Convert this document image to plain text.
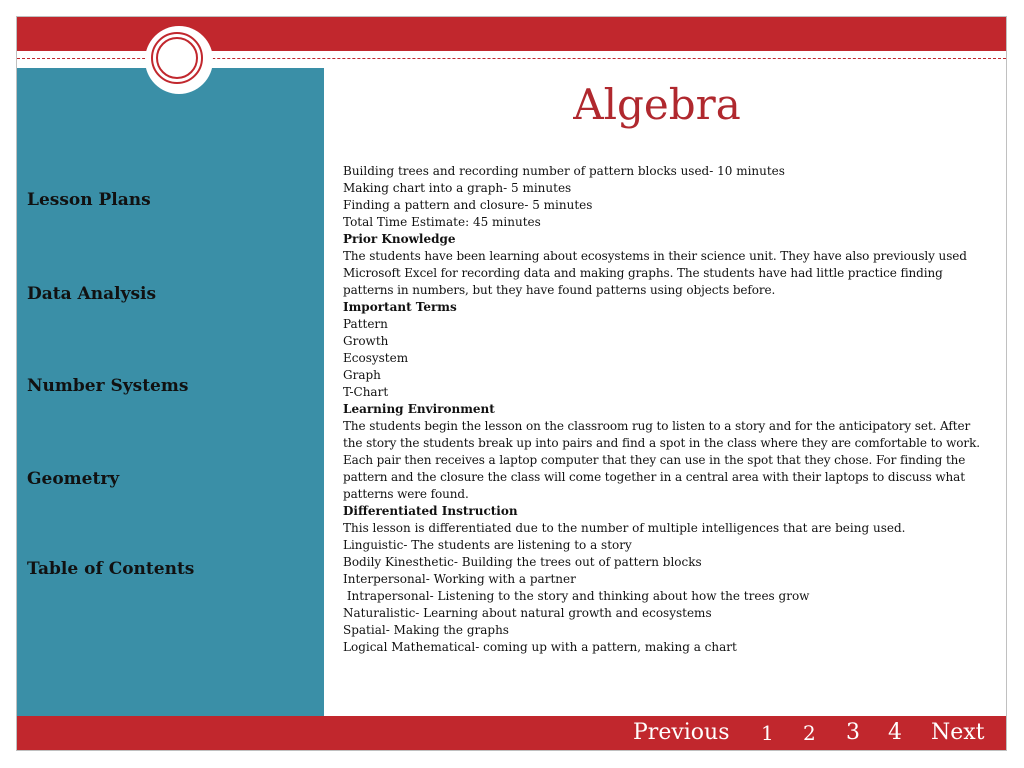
Lesson Plans
Data Analysis
Number Systems
Geometry
Table of Contents
Algebra
Building trees and recording number of pattern blocks used- 10 minutes
Making chart into a graph- 5 minutes
Finding a pattern and closure- 5 minutes
Total Time Estimate: 45 minutes
Prior Knowledge
The students have been learning about ecosystems in their science unit. They have also previously used Microsoft Excel for recording data and making graphs. The students have had little practice finding patterns in numbers, but they have found patterns using objects before.
Important Terms
Pattern
Growth
Ecosystem
Graph
T-Chart
Learning Environment
The students begin the lesson on the classroom rug to listen to a story and for the anticipatory set. After the story the students break up into pairs and find a spot in the class where they are comfortable to work. Each pair then receives a laptop computer that they can use in the spot that they chose. For finding the pattern and the closure the class will come together in a central area with their laptops to discuss what patterns were found.
Differentiated Instruction
This lesson is differentiated due to the number of multiple intelligences that are being used.
Linguistic- The students are listening to a story
Bodily Kinesthetic- Building the trees out of pattern blocks
Interpersonal- Working with a partner
Intrapersonal- Listening to the story and thinking about how the trees grow
Naturalistic- Learning about natural growth and ecosystems
Spatial- Making the graphs
Logical Mathematical- coming up with a pattern, making a chart
Previous 1 2 3 4 Next
